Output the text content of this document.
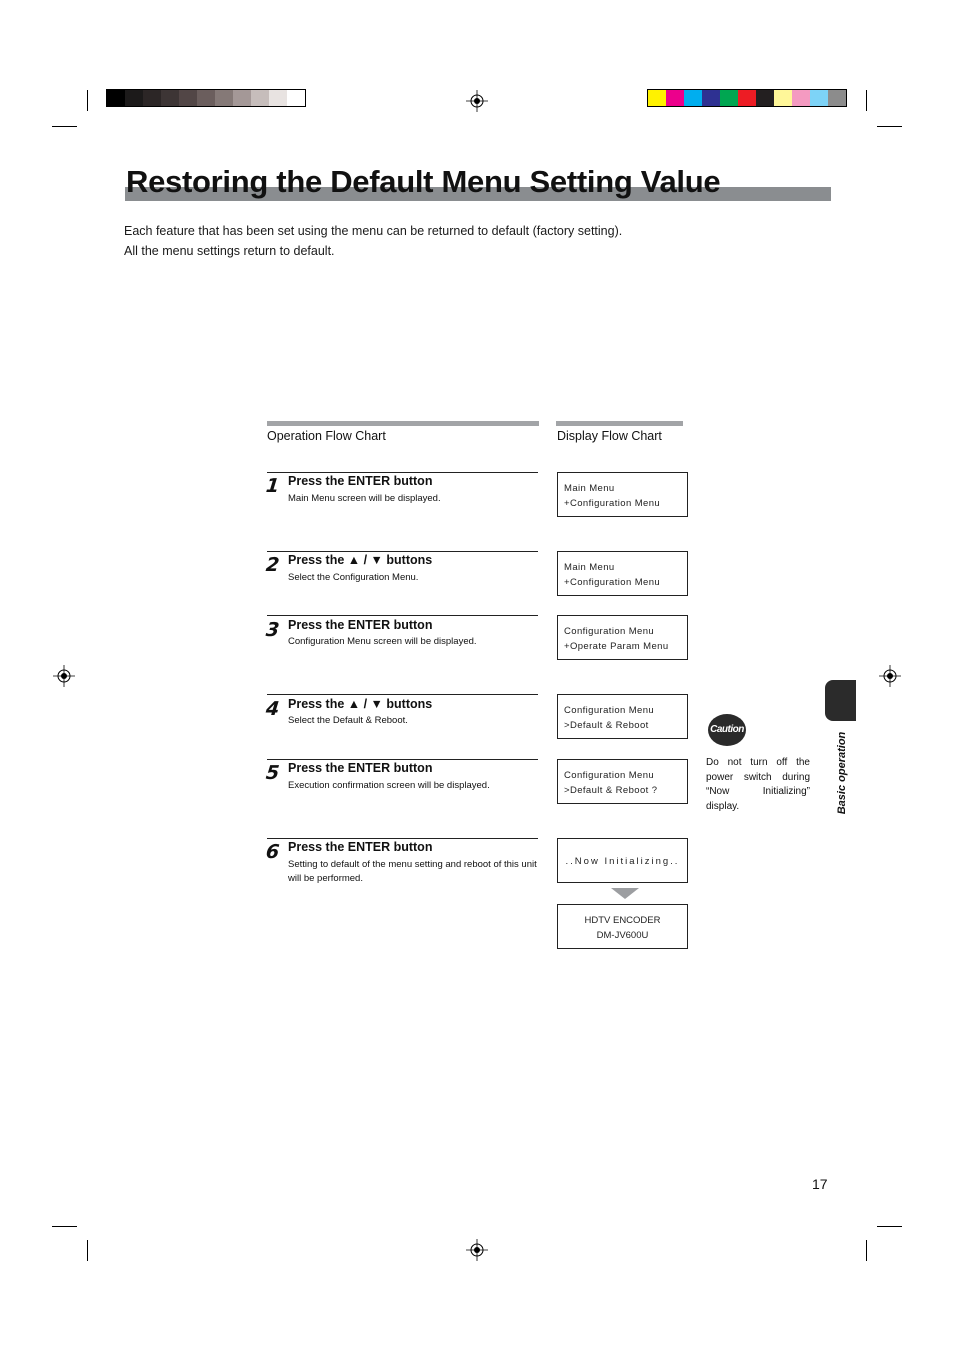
Restoring the Default Menu Setting Value
Each feature that has been set using the menu can be returned to default (factory setting).
All the menu settings return to default.
Operation Flow Chart	Display Flow Chart
1 Press the ENTER button
Main Menu screen will be displayed.
2 Press the ▲ / ▼ buttons
Select the Configuration Menu.
3 Press the ENTER button
Configuration Menu screen will be displayed.
4 Press the ▲ / ▼ buttons
Select the Default & Reboot.
5 Press the ENTER button
Execution confirmation screen will be displayed.
6 Press the ENTER button
Setting to default of the menu setting and reboot of this unit will be performed.
Main Menu
+Configuration Menu
Main Menu
+Configuration Menu
Configuration Menu
+Operate Param Menu
Configuration Menu
>Default & Reboot
Configuration Menu
>Default & Reboot ?
..Now Initializing..
HDTV ENCODER
DM-JV600U
Caution
Do not turn off the power switch during “Now Initializing” display.	Basic operation
17
